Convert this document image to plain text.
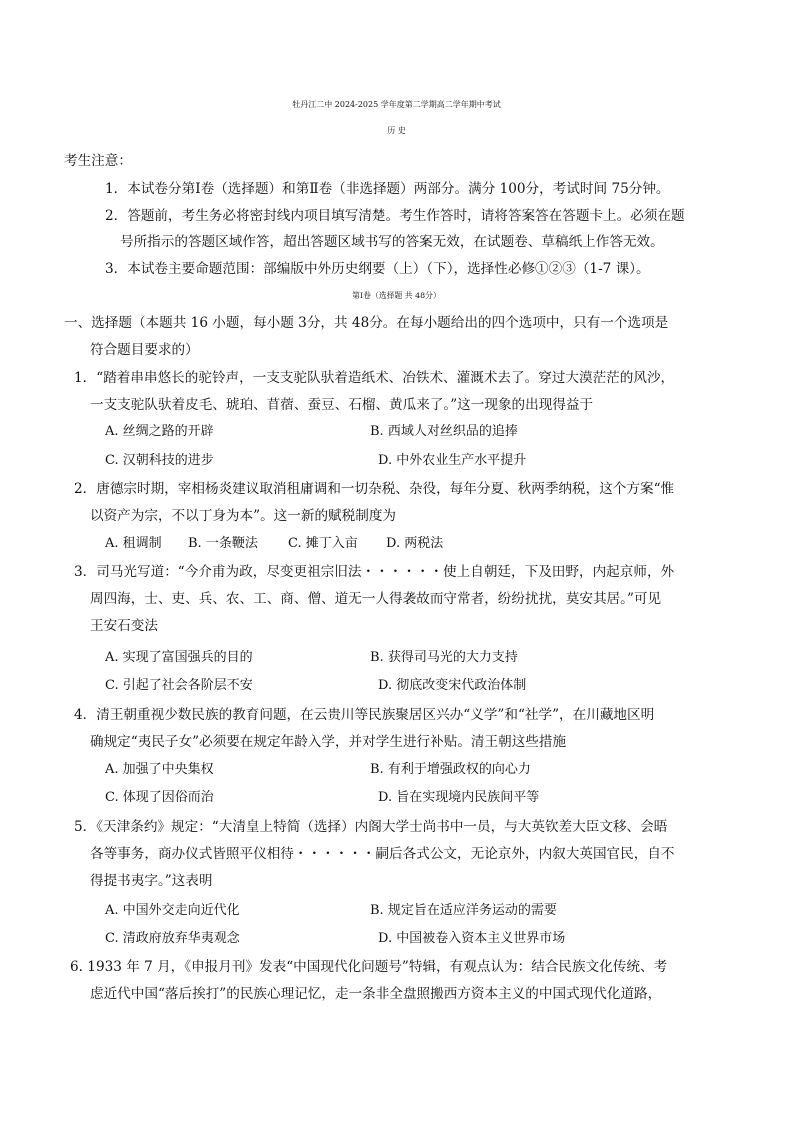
牡丹江二中 2024-2025 学年度第二学期高二学年期中考试
历 史
考生注意：
1．本试卷分第Ⅰ卷（选择题）和第Ⅱ卷（非选择题）两部分。满分 100分，考试时间 75分钟。
2．答题前，考生务必将密封线内项目填写清楚。考生作答时，请将答案答在答题卡上。必须在题
号所指示的答题区域作答，超出答题区域书写的答案无效，在试题卷、草稿纸上作答无效。
3．本试卷主要命题范围：部编版中外历史纲要（上）（下），选择性必修①②③（1-7 课）。
第Ⅰ卷（选择题 共 48分）
一、选择题（本题共 16 小题，每小题 3分，共 48分。在每小题给出的四个选项中，只有一个选项是
符合题目要求的）
1．“踏着串串悠长的驼铃声，一支支驼队驮着造纸术、冶铁术、灌溉术去了。穿过大漠茫茫的风沙，
一支支驼队驮着皮毛、琥珀、苜蓿、蚕豆、石榴、黄瓜来了。”这一现象的出现得益于
A. 丝绸之路的开辟	B. 西域人对丝织品的追捧
C. 汉朝科技的进步	D. 中外农业生产水平提升
2．唐德宗时期，宰相杨炎建议取消租庸调和一切杂税、杂役，每年分夏、秋两季纳税，这个方案“惟
以资产为宗，不以丁身为本”。这一新的赋税制度为
A. 租调制 B. 一条鞭法 C. 摊丁入亩 D. 两税法
3．司马光写道：“今介甫为政，尽变更祖宗旧法・・・・・・使上自朝廷，下及田野，内起京师，外
周四海，士、吏、兵、农、工、商、僧、道无一人得袭故而守常者，纷纷扰扰，莫安其居。”可见
王安石变法
A. 实现了富国强兵的目的	B. 获得司马光的大力支持
C. 引起了社会各阶层不安	D. 彻底改变宋代政治体制
4．清王朝重视少数民族的教育问题，在云贵川等民族聚居区兴办“义学”和“社学”，在川藏地区明
确规定“夷民子女”必须要在规定年龄入学，并对学生进行补贴。清王朝这些措施
A. 加强了中央集权	B. 有利于增强政权的向心力
C. 体现了因俗而治	D. 旨在实现境内民族间平等
5．《天津条约》规定：“大清皇上特简（选择）内阁大学士尚书中一员，与大英钦差大臣文移、会晤
各等事务，商办仪式皆照平仪相待・・・・・・嗣后各式公文，无论京外，内叙大英国官民，自不
得提书夷字。”这表明
A. 中国外交走向近代化	B. 规定旨在适应洋务运动的需要
C. 清政府放弃华夷观念	D. 中国被卷入资本主义世界市场
6. 1933 年 7 月，《申报月刊》发表“中国现代化问题号”特辑，有观点认为：结合民族文化传统、考
虑近代中国“落后挨打”的民族心理记忆，走一条非全盘照搬西方资本主义的中国式现代化道路，
